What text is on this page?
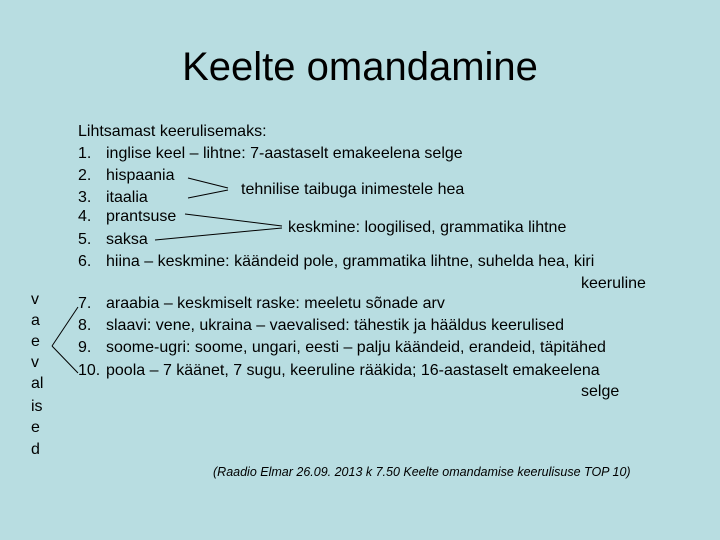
Keelte omandamine
Lihtsamast keerulisemaks:
1. inglise keel – lihtne: 7-aastaselt emakeelena selge
2. hispaania
3. itaalia
4. prantsuse
5. saksa
6. hiina – keskmine: käändeid pole, grammatika lihtne, suhelda hea, kiri
keeruline
7. araabia – keskmiselt raske: meeletu sõnade arv
8. slaavi: vene, ukraina – vaevalised: tähestik ja hääldus keerulised
9. soome-ugri: soome, ungari, eesti – palju käändeid, erandeid, täpitähed
10. poola – 7 käänet, 7 sugu, keeruline rääkida; 16-aastaselt emakeelena
selge
tehnilise taibuga inimestele hea
keskmine: loogilised, grammatika lihtne
v
a
e
v
al
is
e
d
(Raadio Elmar 26.09. 2013 k 7.50 Keelte omandamise keerulisuse TOP 10)
